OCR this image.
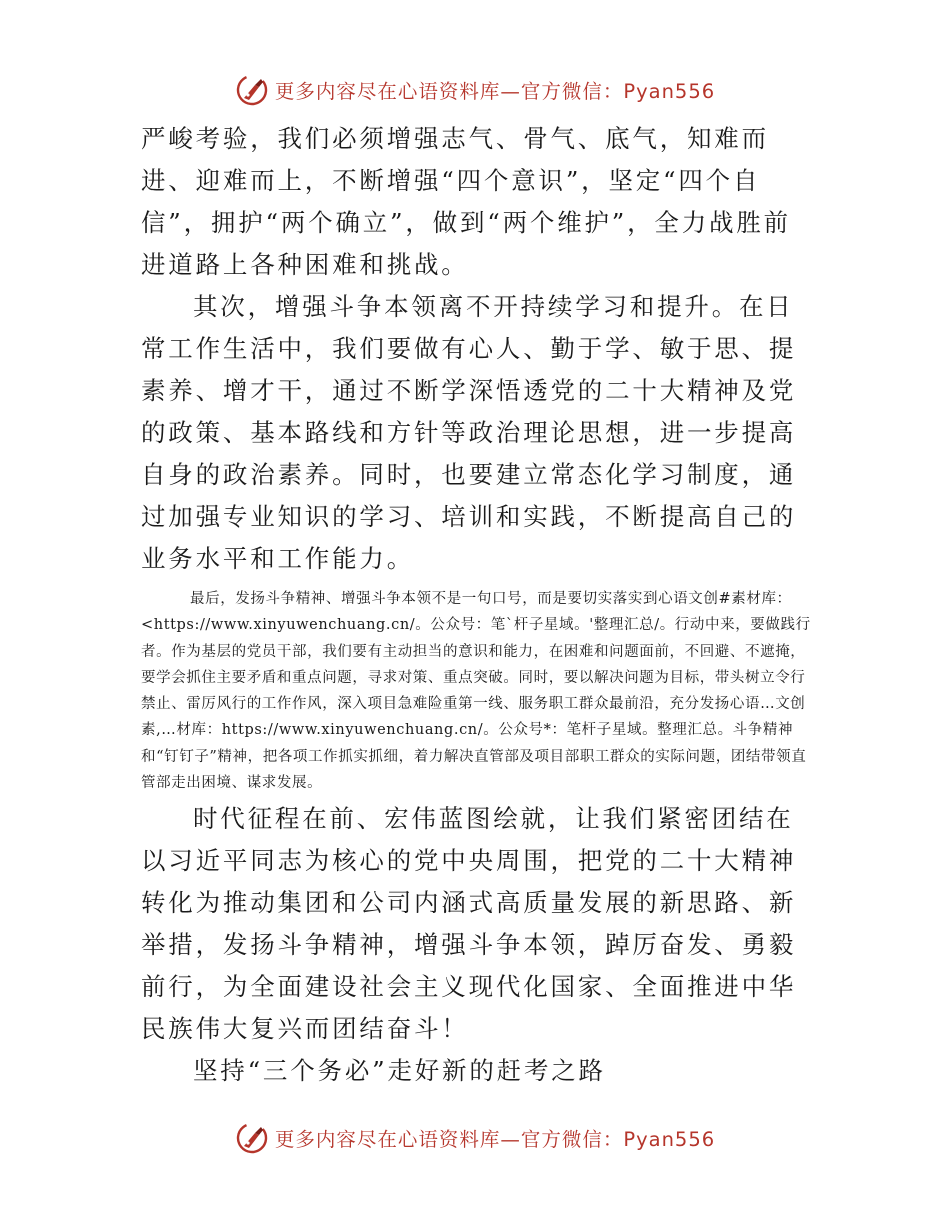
更多内容尽在心语资料库—官方微信：Pyan556

严峻考验，我们必须增强志气、骨气、底气，知难而进、迎难而上，不断增强“四个意识”，坚定“四个自信”，拥护“两个确立”，做到“两个维护”，全力战胜前进道路上各种困难和挑战。

其次，增强斗争本领离不开持续学习和提升。在日常工作生活中，我们要做有心人、勤于学、敏于思、提素养、增才干，通过不断学深悟透党的二十大精神及党的政策、基本路线和方针等政治理论思想，进一步提高自身的政治素养。同时，也要建立常态化学习制度，通过加强专业知识的学习、培训和实践，不断提高自己的业务水平和工作能力。

最后，发扬斗争精神、增强斗争本领不是一句口号，而是要切实落实到心语文创#素材库：<https://www.xinyuwenchuang.cn/。公众号：笔`杆子星域。'整理汇总/。行动中来，要做践行者。作为基层的党员干部，我们要有主动担当的意识和能力，在困难和问题面前，不回避、不遮掩，要学会抓住主要矛盾和重点问题，寻求对策、重点突破。同时，要以解决问题为目标，带头树立令行禁止、雷厉风行的工作作风，深入项目急难险重第一线、服务职工群众最前沿，充分发扬心语…文创素,…材库：https://www.xinyuwenchuang.cn/。公众号*：笔杆子星域。整理汇总。斗争精神和“钉钉子”精神，把各项工作抓实抓细，着力解决直管部及项目部职工群众的实际问题，团结带领直管部走出困境、谋求发展。

时代征程在前、宏伟蓝图绘就，让我们紧密团结在以习近平同志为核心的党中央周围，把党的二十大精神转化为推动集团和公司内涵式高质量发展的新思路、新举措，发扬斗争精神，增强斗争本领，踔厉奋发、勇毅前行，为全面建设社会主义现代化国家、全面推进中华民族伟大复兴而团结奋斗！

坚持“三个务必”走好新的赶考之路

更多内容尽在心语资料库—官方微信：Pyan556
